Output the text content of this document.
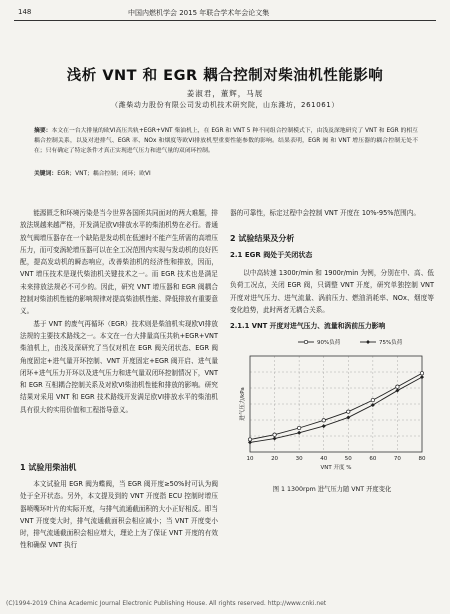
148	中国内燃机学会 2015 年联合学术年会论文集
浅析 VNT 和 EGR 耦合控制对柴油机性能影响
姜淑君，董辉，马展
（潍柴动力股份有限公司发动机技术研究院，山东潍坊，261061）
摘要：本文在一台大排量的欧VI高压共轨+EGR+VNT 柴油机上，在 EGR 和 VNT 5 种不同组合控制模式下，由浅及深地研究了 VNT 和 EGR 的相互耦合控制关系，以及对进排气、EGR 率、NOx 和烟度等欧VI排放机型重要性能参数的影响。结果表明，EGR 阀 和 VNT 增压器的耦合控制无处不在；只有确定了特定条件才真正实现进气压力和进气量的双闭环控制。
关键词：EGR；VNT；耦合控制；闭环；欧VI

能源匮乏和环境污染是当今世界各国所共同面对的两大难题，排放法规越来越严格，开发满足欧VI排放水平的柴油机势在必行。普通放气阀增压器存在一个缺陷是发动机在低速时不能产生所需的高增压压力，而可变涡轮增压器可以在全工况范围内实现与发动机的良好匹配，提高发动机的瞬态响应，改善柴油机的经济性和排放，因而，VNT 增压技术是现代柴油机关键技术之一。而 EGR 技术也是满足未来排放法规必不可少的。因此，研究 VNT 增压器和 EGR 阀耦合控制对柴油机性能的影响规律对提高柴油机性能、降低排放有重要意义。

基于 VNT 的废气再循环（EGR）技术则是柴油机实现欧VI排放法规的主要技术路线之一。本文在一台大排量高压共轨+EGR+VNT 柴油机上，由浅及深研究了当仅对机在 EGR 阀关闭状态、EGR 阀角度固定+进气量开环控制、VNT 开度固定+EGR 阀开启、进气量闭环+进气压力开环以及进气压力和进气量双闭环控制情况下，VNT 和 EGR 互相耦合控制关系及对欧VI柴油机性能和排放的影响。研究结果对采用 VNT 和 EGR 技术路线开发满足欧VI排放水平的柴油机具有很大的实用价值和工程指导意义。

1 试验用柴油机

本文试验用 EGR 阀为蝶阀，当 EGR 阀开度≥50%时可认为阀处于全开状态。另外，本文提及到的 VNT 开度指 ECU 控制时增压器喷嘴环叶片的实际开度，与排气流通截面积的大小正好相反。即当 VNT 开度变大时，排气流通截面积会相应减小；当 VNT 开度变小时，排气流通截面积会相应增大，理论上为了保证 VNT 开度的有效性和确保 VNT 执行

器的可靠性，标定过程中会控制 VNT 开度在 10%-95%范围内。
2 试验结果及分析
2.1 EGR 阀处于关闭状态

以中高转速 1300r/min 和 1900r/min 为例，分别在中、高、低负荷工况点，关闭 EGR 阀，只调整 VNT 开度，研究单独控制 VNT 开度对进气压力、进气流量、涡前压力、燃油消耗率、NOx、烟度等变化趋势，此时两者无耦合关系。

2.1.1 VNT 开度对进气压力、流量和涡前压力影响
90%负荷	75%负荷
10	20	30	40	50	60	70	80
进气压力/kPa
VNT 开度 %
图 1 1300rpm 进气压力随 VNT 开度变化
(C)1994-2019 China Academic Journal Electronic Publishing House. All rights reserved. http://www.cnki.net
